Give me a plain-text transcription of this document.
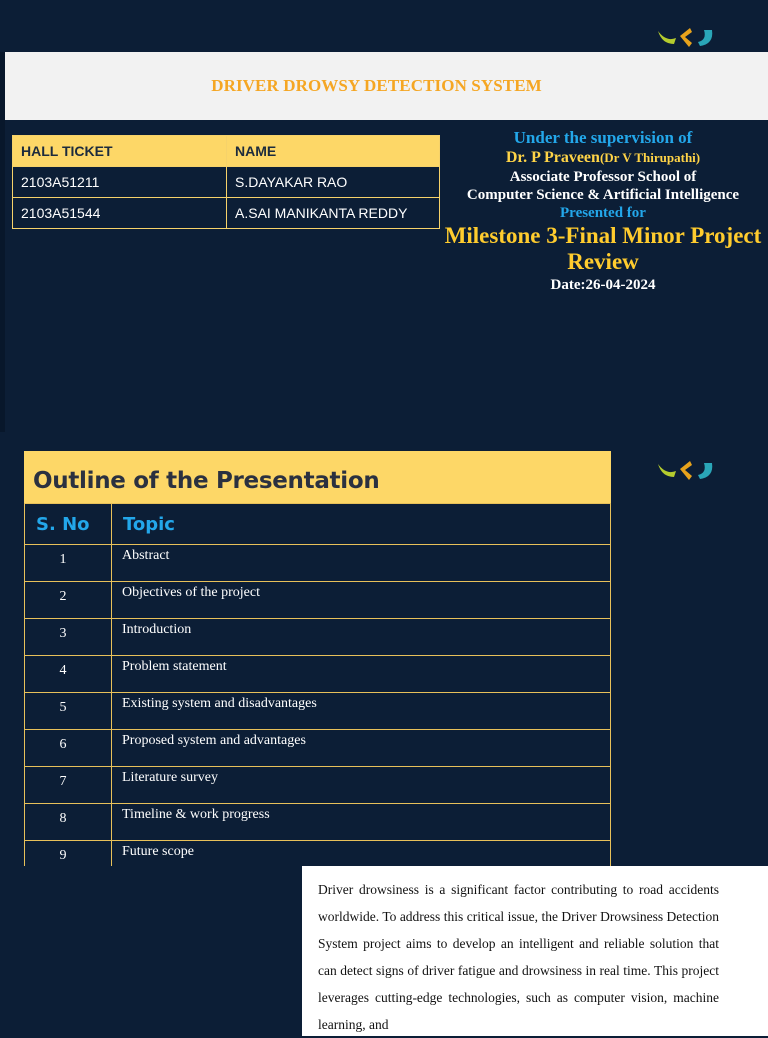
DRIVER DROWSY DETECTION SYSTEM
HALL TICKET	NAME
2103A51211	S.DAYAKAR RAO
2103A51544	A.SAI MANIKANTA REDDY
Under the supervision of
Dr. P Praveen(Dr V Thirupathi)
Associate Professor School of
Computer Science & Artificial Intelligence
Presented for
Milestone 3-Final Minor Project Review
Date:26-04-2024
Outline of the Presentation
S. No	Topic
1	Abstract
2	Objectives of the project
3	Introduction
4	Problem statement
5	Existing system and disadvantages
6	Proposed system and advantages
7	Literature survey
8	Timeline & work progress
9	Future scope

Driver drowsiness is a significant factor contributing to road accidents worldwide. To address this critical issue, the Driver Drowsiness Detection System project aims to develop an intelligent and reliable solution that can detect signs of driver fatigue and drowsiness in real time. This project leverages cutting-edge technologies, such as computer vision, machine learning, and
